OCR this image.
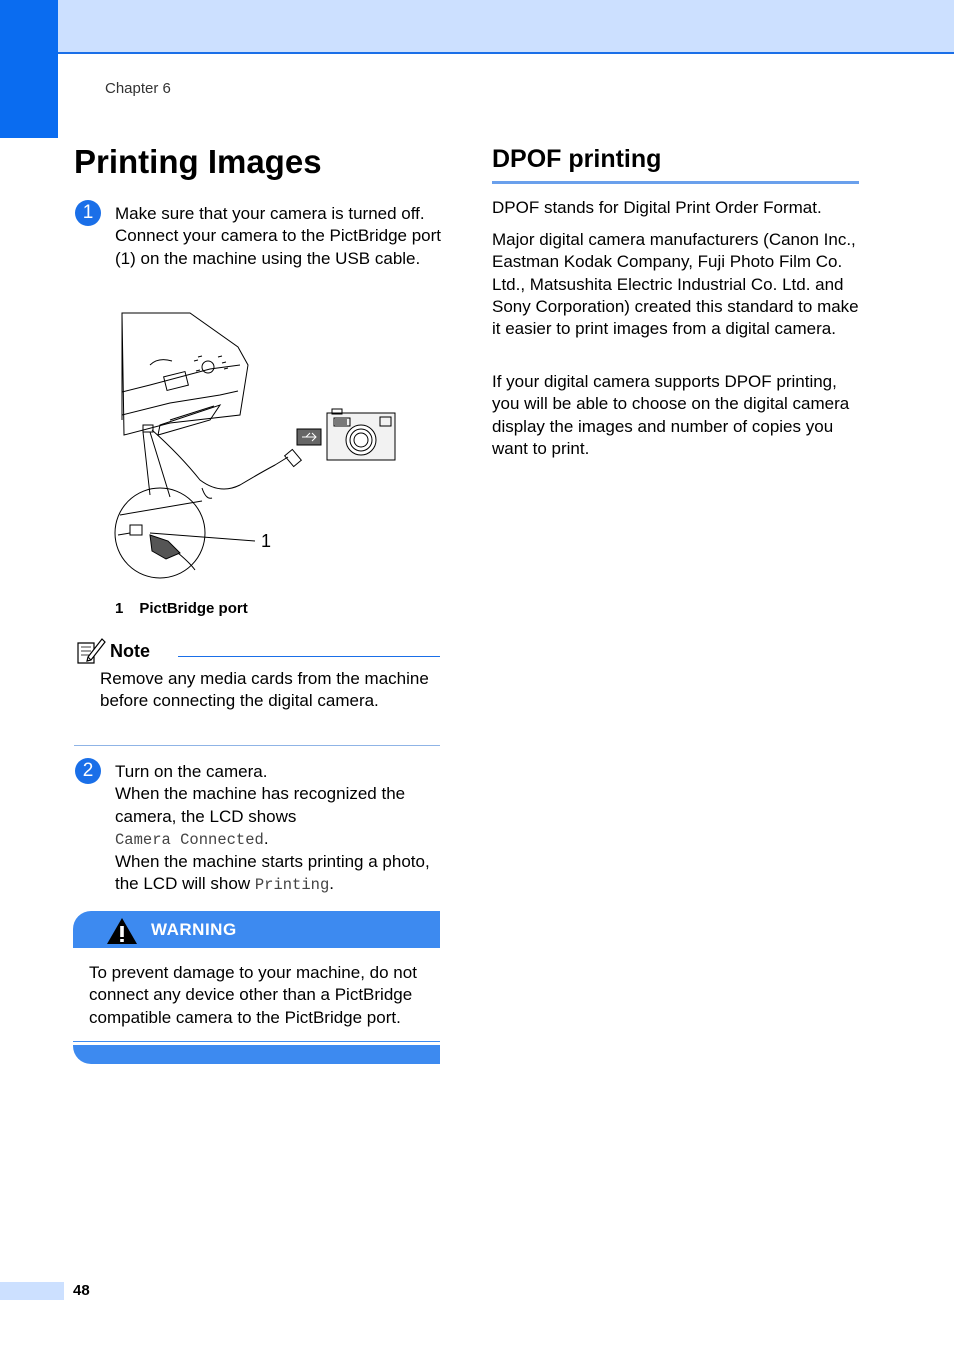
Chapter 6
Printing Images
1	Make sure that your camera is turned off. Connect your camera to the PictBridge port (1) on the machine using the USB cable.
1
1 PictBridge port
Note
Remove any media cards from the machine before connecting the digital camera.
2	Turn on the camera.
When the machine has recognized the camera, the LCD shows
Camera Connected.
When the machine starts printing a photo, the LCD will show Printing.
WARNING
To prevent damage to your machine, do not connect any device other than a PictBridge compatible camera to the PictBridge port.
DPOF printing
DPOF stands for Digital Print Order Format.
Major digital camera manufacturers (Canon Inc., Eastman Kodak Company, Fuji Photo Film Co. Ltd., Matsushita Electric Industrial Co. Ltd. and Sony Corporation) created this standard to make it easier to print images from a digital camera.
If your digital camera supports DPOF printing, you will be able to choose on the digital camera display the images and number of copies you want to print.
48
